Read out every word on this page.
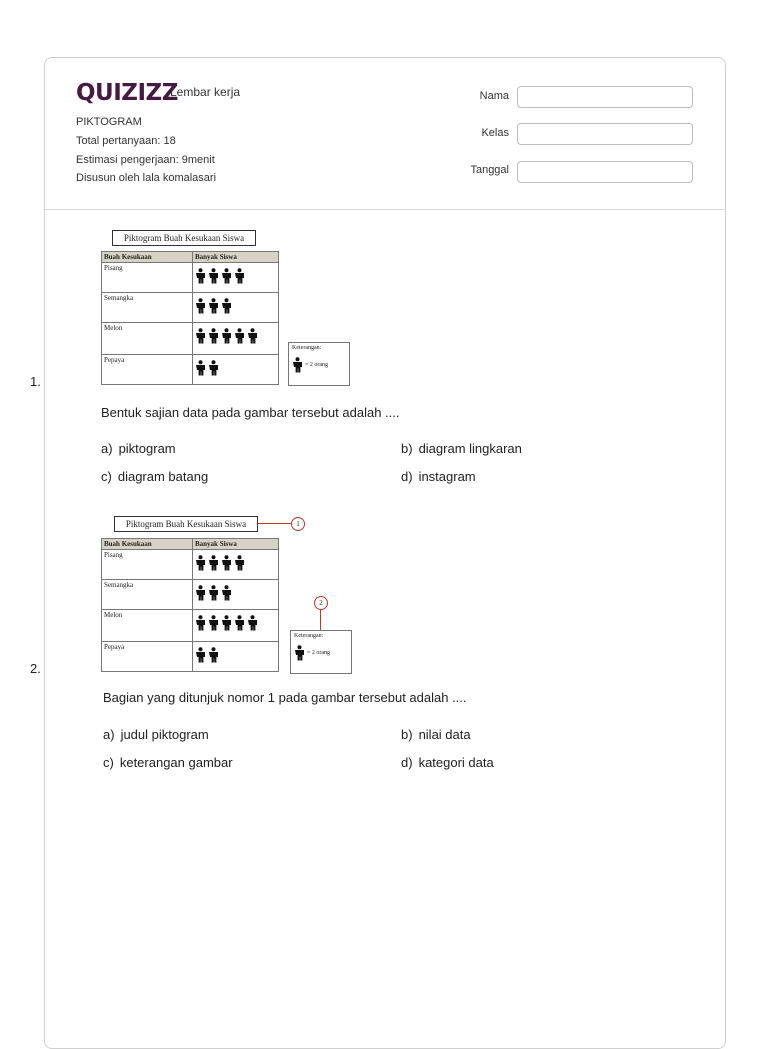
QUIZIZZ
Lembar kerja
PIKTOGRAM
Total pertanyaan: 18
Estimasi pengerjaan: 9menit
Disusun oleh lala komalasari
Nama
Kelas
Tanggal
Piktogram Buah Kesukaan Siswa
Buah Kesukaan	Banyak Siswa
Pisang	

Semangka	

Melon	

Pepaya	
Keterangan:
= 2 orang
1.
Bentuk sajian data pada gambar tersebut adalah ....
a) piktogram	b) diagram lingkaran
c) diagram batang	d) instagram
Piktogram Buah Kesukaan Siswa	1
2
Buah Kesukaan	Banyak Siswa
Pisang	

Semangka	

Melon	

Pepaya	
Keterangan:
= 2 orang
2.
Bagian yang ditunjuk nomor 1 pada gambar tersebut adalah ....
a) judul piktogram	b) nilai data
c) keterangan gambar	d) kategori data
